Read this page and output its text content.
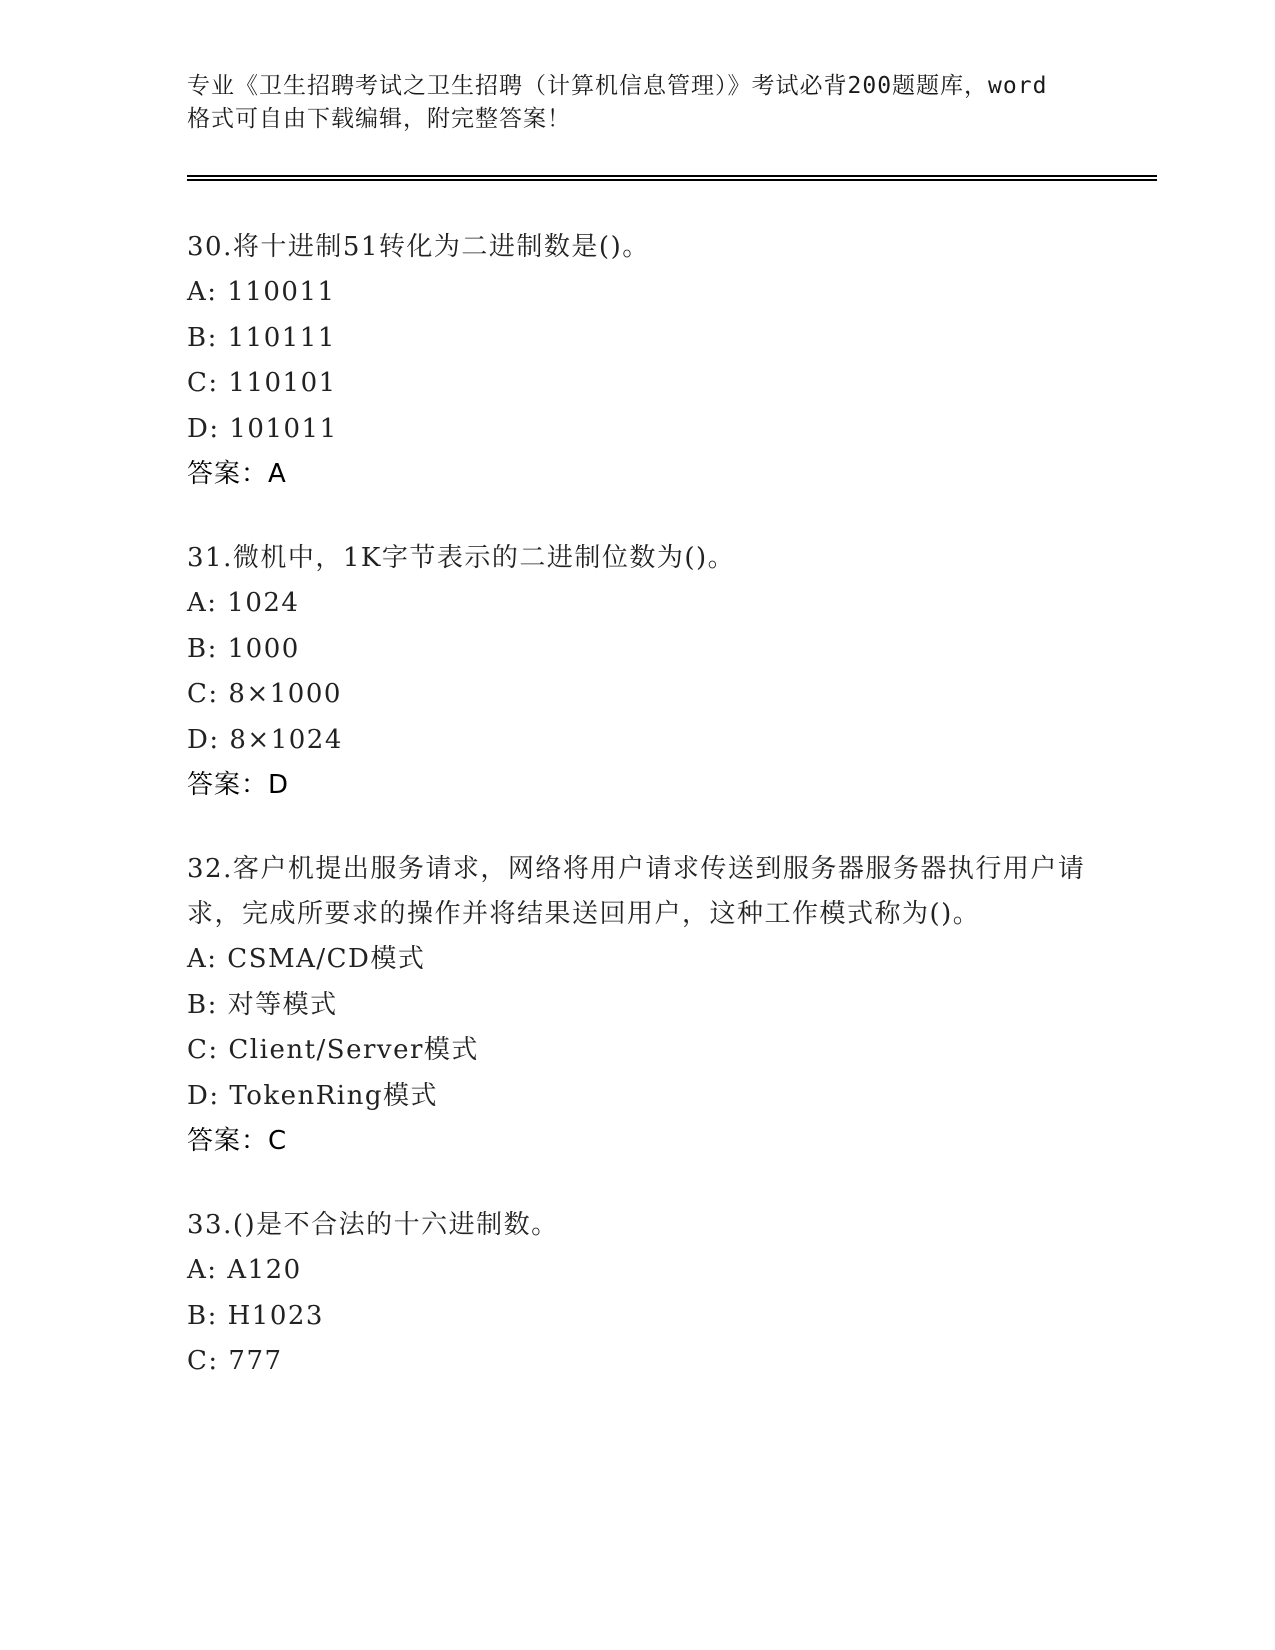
专业《卫生招聘考试之卫生招聘（计算机信息管理）》考试必背200题题库，word
格式可自由下载编辑，附完整答案！
30.将十进制51转化为二进制数是()。
A: 110011
B: 110111
C: 110101
D: 101011
答案：A
31.微机中，1K字节表示的二进制位数为()。
A: 1024
B: 1000
C: 8×1000
D: 8×1024
答案：D
32.客户机提出服务请求，网络将用户请求传送到服务器服务器执行用户请求，完成所要求的操作并将结果送回用户，这种工作模式称为()。
A: CSMA/CD模式
B: 对等模式
C: Client/Server模式
D: TokenRing模式
答案：C
33.()是不合法的十六进制数。
A: A120
B: H1023
C: 777
